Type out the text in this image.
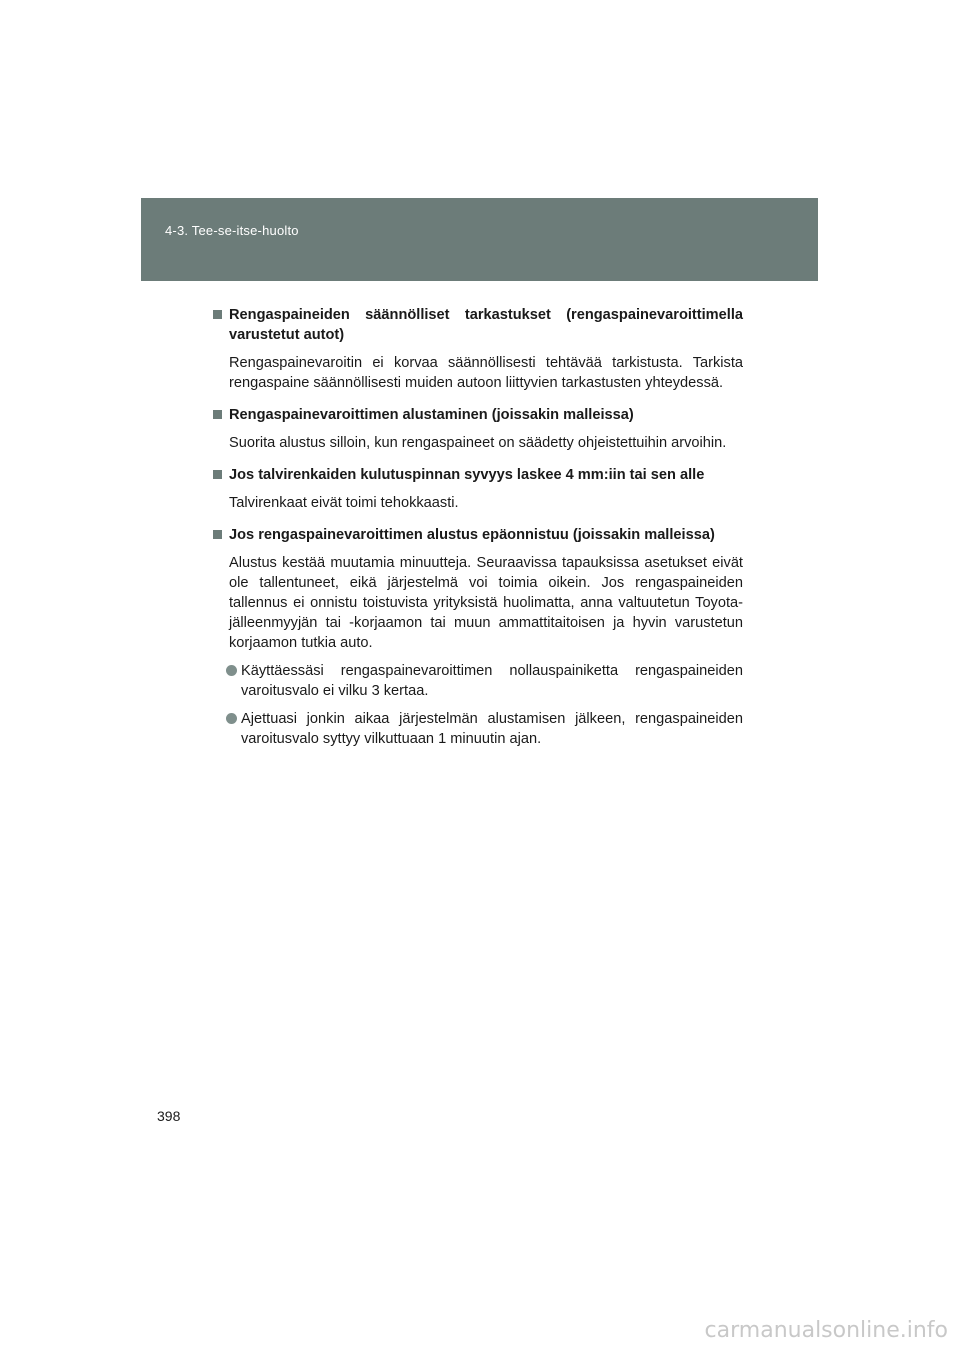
4-3. Tee-se-itse-huolto
Rengaspaineiden säännölliset tarkastukset (rengaspainevaroittimella varustetut autot)
Rengaspainevaroitin ei korvaa säännöllisesti tehtävää tarkistusta. Tarkista rengaspaine säännöllisesti muiden autoon liittyvien tarkastusten yhteydessä.
Rengaspainevaroittimen alustaminen (joissakin malleissa)
Suorita alustus silloin, kun rengaspaineet on säädetty ohjeistettuihin arvoihin.
Jos talvirenkaiden kulutuspinnan syvyys laskee 4 mm:iin tai sen alle
Talvirenkaat eivät toimi tehokkaasti.
Jos rengaspainevaroittimen alustus epäonnistuu (joissakin malleissa)
Alustus kestää muutamia minuutteja. Seuraavissa tapauksissa asetukset eivät ole tallentuneet, eikä järjestelmä voi toimia oikein. Jos rengaspaineiden tallennus ei onnistu toistuvista yrityksistä huolimatta, anna valtuutetun Toyota-jälleenmyyjän tai -korjaamon tai muun ammattitaitoisen ja hyvin varustetun korjaamon tutkia auto.
Käyttäessäsi rengaspainevaroittimen nollauspainiketta rengaspaineiden varoitusvalo ei vilku 3 kertaa.
Ajettuasi jonkin aikaa järjestelmän alustamisen jälkeen, rengaspaineiden varoitusvalo syttyy vilkuttuaan 1 minuutin ajan.
398
carmanualsonline.info
